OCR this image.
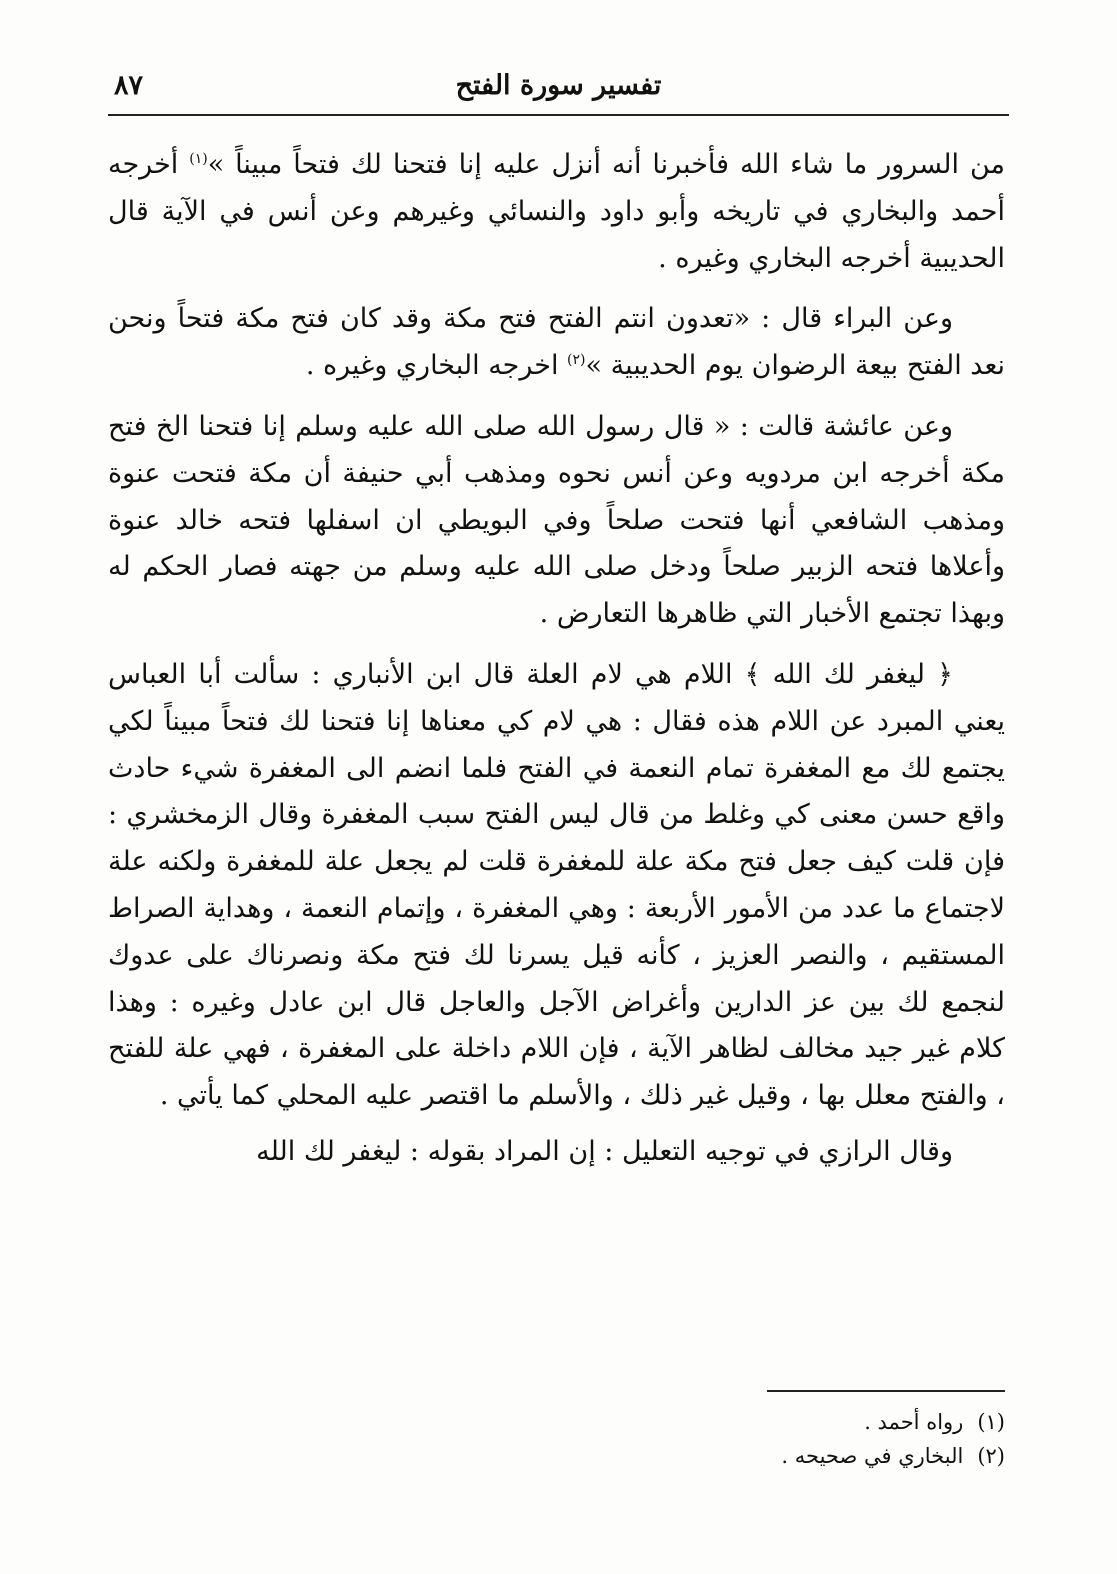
تفسير سورة الفتح
٨٧

من السرور ما شاء الله فأخبرنا أنه أنزل عليه إنا فتحنا لك فتحاً مبيناً »$^{(١)}$ أخرجه أحمد والبخاري في تاريخه وأبو داود والنسائي وغيرهم وعن أنس في الآية قال الحديبية أخرجه البخاري وغيره .

وعن البراء قال : «تعدون انتم الفتح فتح مكة وقد كان فتح مكة فتحاً ونحن نعد الفتح بيعة الرضوان يوم الحديبية »$^{(٢)}$ اخرجه البخاري وغيره .

وعن عائشة قالت : « قال رسول الله صلى الله عليه وسلم إنا فتحنا الخ فتح مكة أخرجه ابن مردويه وعن أنس نحوه ومذهب أبي حنيفة أن مكة فتحت عنوة ومذهب الشافعي أنها فتحت صلحاً وفي البويطي ان اسفلها فتحه خالد عنوة وأعلاها فتحه الزبير صلحاً ودخل صلى الله عليه وسلم من جهته فصار الحكم له وبهذا تجتمع الأخبار التي ظاهرها التعارض .

﴿ ليغفر لك الله ﴾ اللام هي لام العلة قال ابن الأنباري : سألت أبا العباس يعني المبرد عن اللام هذه فقال : هي لام كي معناها إنا فتحنا لك فتحاً مبيناً لكي يجتمع لك مع المغفرة تمام النعمة في الفتح فلما انضم الى المغفرة شيء حادث واقع حسن معنى كي وغلط من قال ليس الفتح سبب المغفرة وقال الزمخشري : فإن قلت كيف جعل فتح مكة علة للمغفرة قلت لم يجعل علة للمغفرة ولكنه علة لاجتماع ما عدد من الأمور الأربعة : وهي المغفرة ، وإتمام النعمة ، وهداية الصراط المستقيم ، والنصر العزيز ، كأنه قيل يسرنا لك فتح مكة ونصرناك على عدوك لنجمع لك بين عز الدارين وأغراض الآجل والعاجل قال ابن عادل وغيره : وهذا كلام غير جيد مخالف لظاهر الآية ، فإن اللام داخلة على المغفرة ، فهي علة للفتح ، والفتح معلل بها ، وقيل غير ذلك ، والأسلم ما اقتصر عليه المحلي كما يأتي .

وقال الرازي في توجيه التعليل : إن المراد بقوله : ليغفر لك الله

(١)رواه أحمد .

(٢)البخاري في صحيحه .
